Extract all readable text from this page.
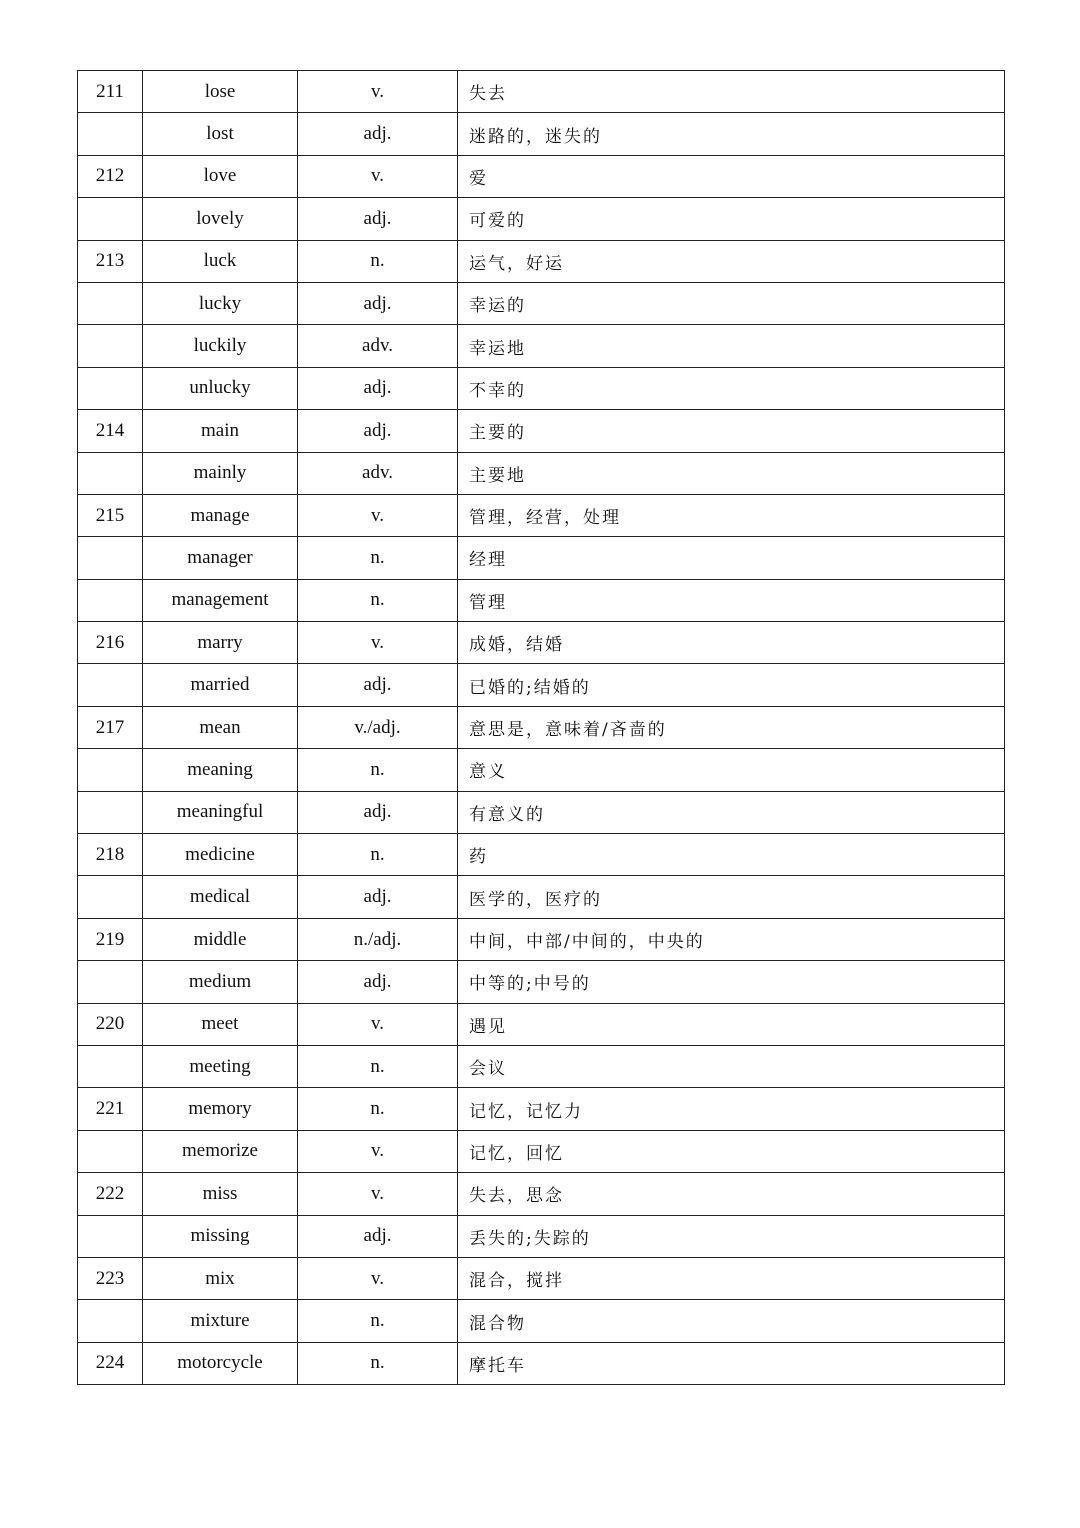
211	lose	v.	失去
	lost	adj.	迷路的，迷失的
212	love	v.	爱
	lovely	adj.	可爱的
213	luck	n.	运气，好运
	lucky	adj.	幸运的
	luckily	adv.	幸运地
	unlucky	adj.	不幸的
214	main	adj.	主要的
	mainly	adv.	主要地
215	manage	v.	管理，经营，处理
	manager	n.	经理
	management	n.	管理
216	marry	v.	成婚，结婚
	married	adj.	已婚的;结婚的
217	mean	v./adj.	意思是，意味着/吝啬的
	meaning	n.	意义
	meaningful	adj.	有意义的
218	medicine	n.	药
	medical	adj.	医学的，医疗的
219	middle	n./adj.	中间，中部/中间的，中央的
	medium	adj.	中等的;中号的
220	meet	v.	遇见
	meeting	n.	会议
221	memory	n.	记忆，记忆力
	memorize	v.	记忆，回忆
222	miss	v.	失去，思念
	missing	adj.	丢失的;失踪的
223	mix	v.	混合，搅拌
	mixture	n.	混合物
224	motorcycle	n.	摩托车
